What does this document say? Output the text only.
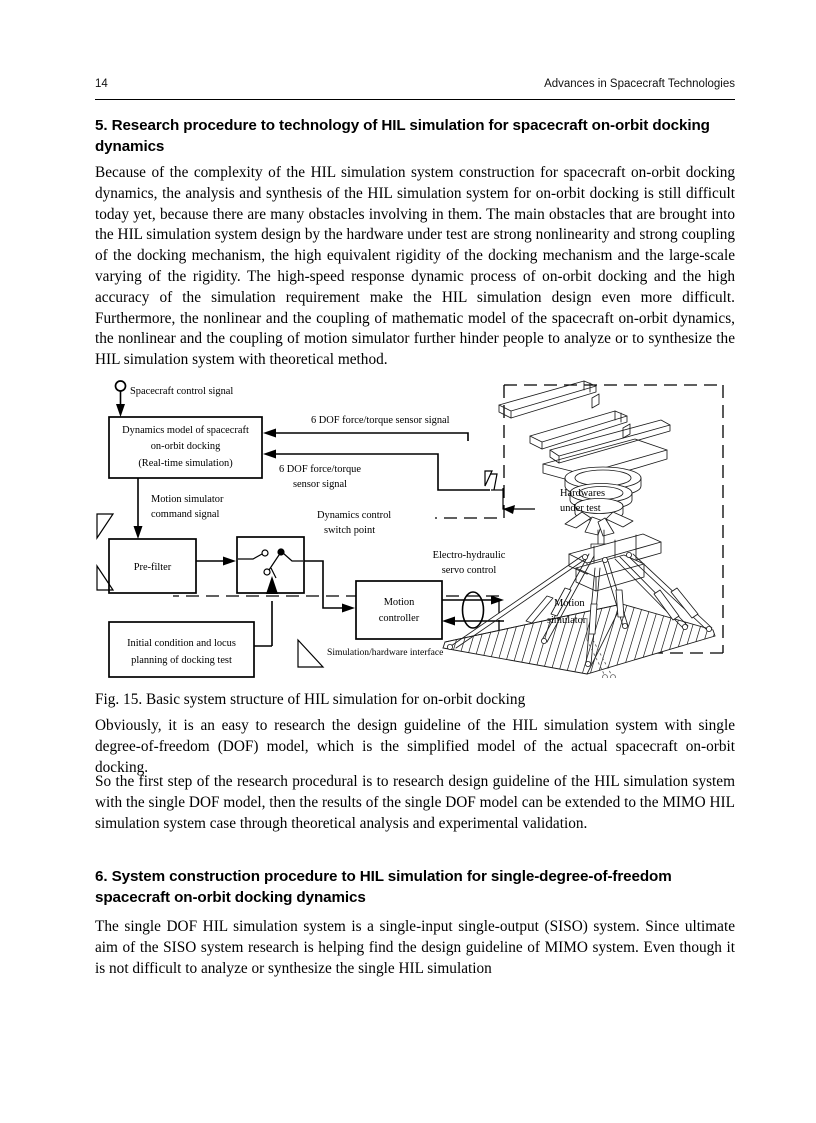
14	Advances in Spacecraft Technologies
5. Research procedure to technology of HIL simulation for spacecraft on-orbit docking dynamics
Because of the complexity of the HIL simulation system construction for spacecraft on-orbit docking dynamics, the analysis and synthesis of the HIL simulation system for on-orbit docking is still difficult today yet, because there are many obstacles involving in them. The main obstacles that are brought into the HIL simulation system design by the hardware under test are strong nonlinearity and strong coupling of the docking mechanism, the high equivalent rigidity of the docking mechanism and the large-scale varying of the rigidity. The high-speed response dynamic process of on-orbit docking and the high accuracy of the simulation requirement make the HIL simulation design even more difficult. Furthermore, the nonlinear and the coupling of mathematic model of the spacecraft on-orbit dynamics, the nonlinear and the coupling of motion simulator further hinder people to analyze or to synthesize the HIL simulation system with theoretical method.
Dynamics model of spacecraft
on-orbit docking
(Real-time simulation)
Spacecraft control signal
6 DOF force/torque sensor signal
6 DOF force/torque
sensor signal
Motion simulator
command signal
Pre-filter
Dynamics control
switch point
Initial condition and locus
planning of docking test
Motion
controller
Electro-hydraulic
servo control
Hardwares
under test
Motion
simulator
Simulation/hardware interface
Fig. 15. Basic system structure of HIL simulation for on-orbit docking
Obviously, it is an easy to research the design guideline of the HIL simulation system with single degree-of-freedom (DOF) model, which is the simplified model of the actual spacecraft on-orbit docking.
So the first step of the research procedural is to research design guideline of the HIL simulation system with the single DOF model, then the results of the single DOF model can be extended to the MIMO HIL simulation system case through theoretical analysis and experimental validation.
6. System construction procedure to HIL simulation for single-degree-of-freedom spacecraft on-orbit docking dynamics
The single DOF HIL simulation system is a single-input single-output (SISO) system. Since ultimate aim of the SISO system research is helping find the design guideline of MIMO system. Even though it is not difficult to analyze or synthesize the single HIL simulation
